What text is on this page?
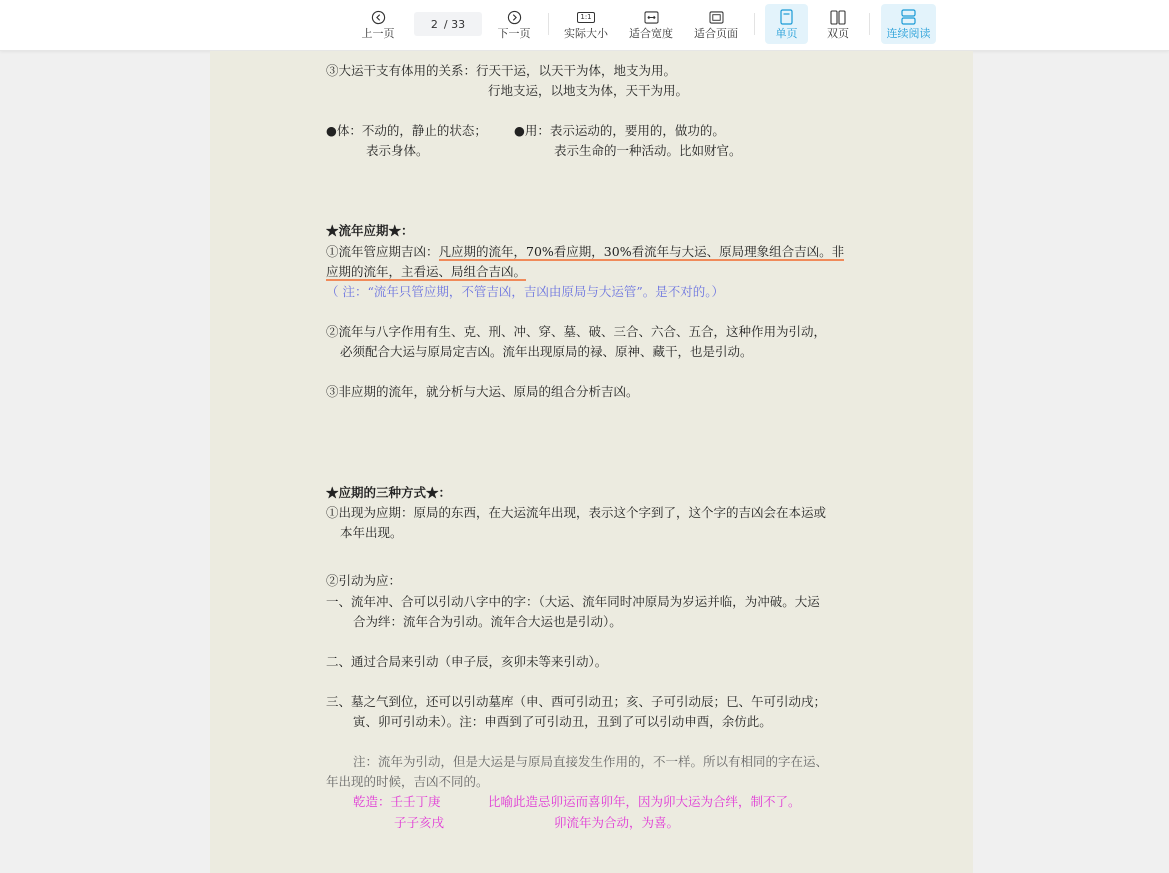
上一页
2 / 33
下一页
1:1
实际大小 适合宽度 适合页面	单页	双页	连续阅读
③大运干支有体用的关系：行天干运，以天干为体，地支为用。
行地支运，以地支为体，天干为用。
●体：不动的，静止的状态； ●用：表示运动的，要用的，做功的。
表示身体。	表示生命的一种活动。比如财官。
★流年应期★：
①流年管应期吉凶：凡应期的流年，70%看应期，30%看流年与大运、原局理象组合吉凶。非
应期的流年，主看运、局组合吉凶。
（ 注：“流年只管应期，不管吉凶，吉凶由原局与大运管”。是不对的。）
②流年与八字作用有生、克、刑、冲、穿、墓、破、三合、六合、五合，这种作用为引动，
必须配合大运与原局定吉凶。流年出现原局的禄、原神、藏干，也是引动。
③非应期的流年，就分析与大运、原局的组合分析吉凶。
★应期的三种方式★：
①出现为应期：原局的东西，在大运流年出现，表示这个字到了，这个字的吉凶会在本运或
本年出现。
②引动为应：
一、流年冲、合可以引动八字中的字：（大运、流年同时冲原局为岁运并临，为冲破。大运
合为绊：流年合为引动。流年合大运也是引动）。
二、通过合局来引动（申子辰，亥卯未等来引动）。
三、墓之气到位，还可以引动墓库（申、酉可引动丑；亥、子可引动辰；巳、午可引动戌；
寅、卯可引动未）。注：申酉到了可引动丑，丑到了可以引动申酉，余仿此。
注：流年为引动，但是大运是与原局直接发生作用的，不一样。所以有相同的字在运、
年出现的时候，吉凶不同的。
乾造：壬壬丁庚	比喻此造忌卯运而喜卯年，因为卯大运为合绊，制不了。
子子亥戌	卯流年为合动，为喜。
